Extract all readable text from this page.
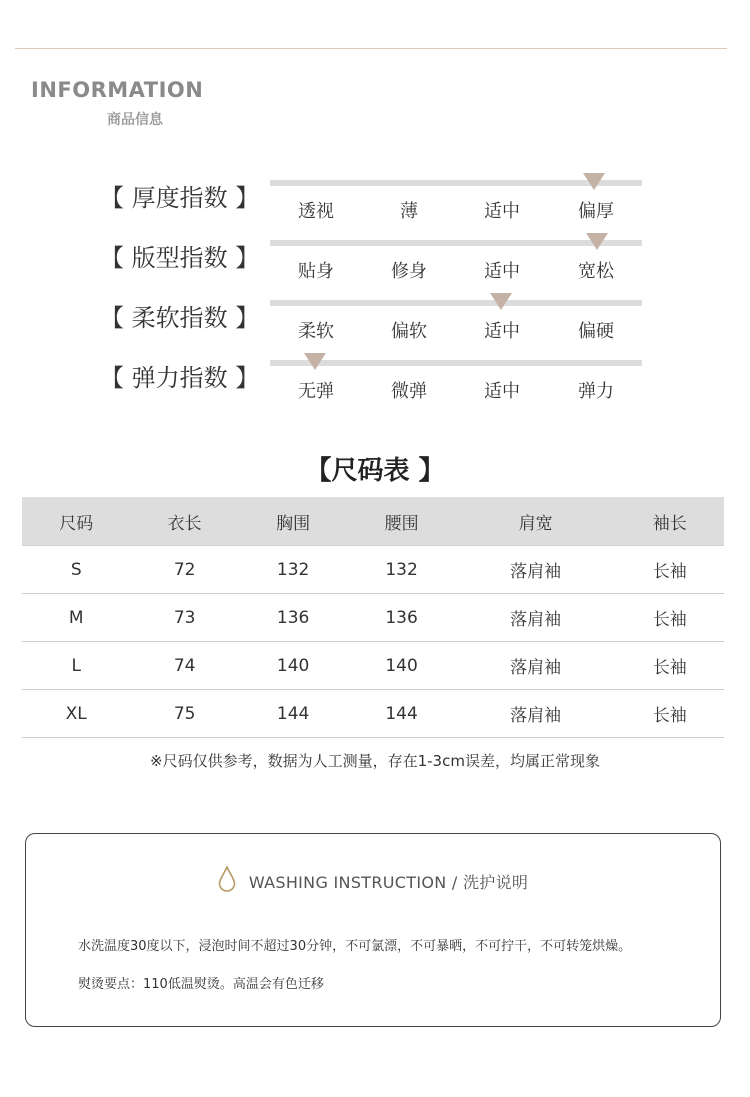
INFORMATION
商品信息
【 厚度指数 】	透视	薄	适中	偏厚
【 版型指数 】	贴身	修身	适中	宽松
【 柔软指数 】	柔软	偏软	适中	偏硬
【 弹力指数 】	无弹	微弹	适中	弹力
【尺码表 】
尺码	衣长	胸围	腰围	肩宽	袖长
S	72	132	132	落肩袖	长袖
M	73	136	136	落肩袖	长袖
L	74	140	140	落肩袖	长袖
XL	75	144	144	落肩袖	长袖
※尺码仅供参考，数据为人工测量，存在1-3cm误差，均属正常现象
WASHING INSTRUCTION / 洗护说明
水洗温度30度以下，浸泡时间不超过30分钟，不可氯漂，不可暴晒，不可拧干，不可转笼烘燥。
熨烫要点：110低温熨烫。高温会有色迁移
